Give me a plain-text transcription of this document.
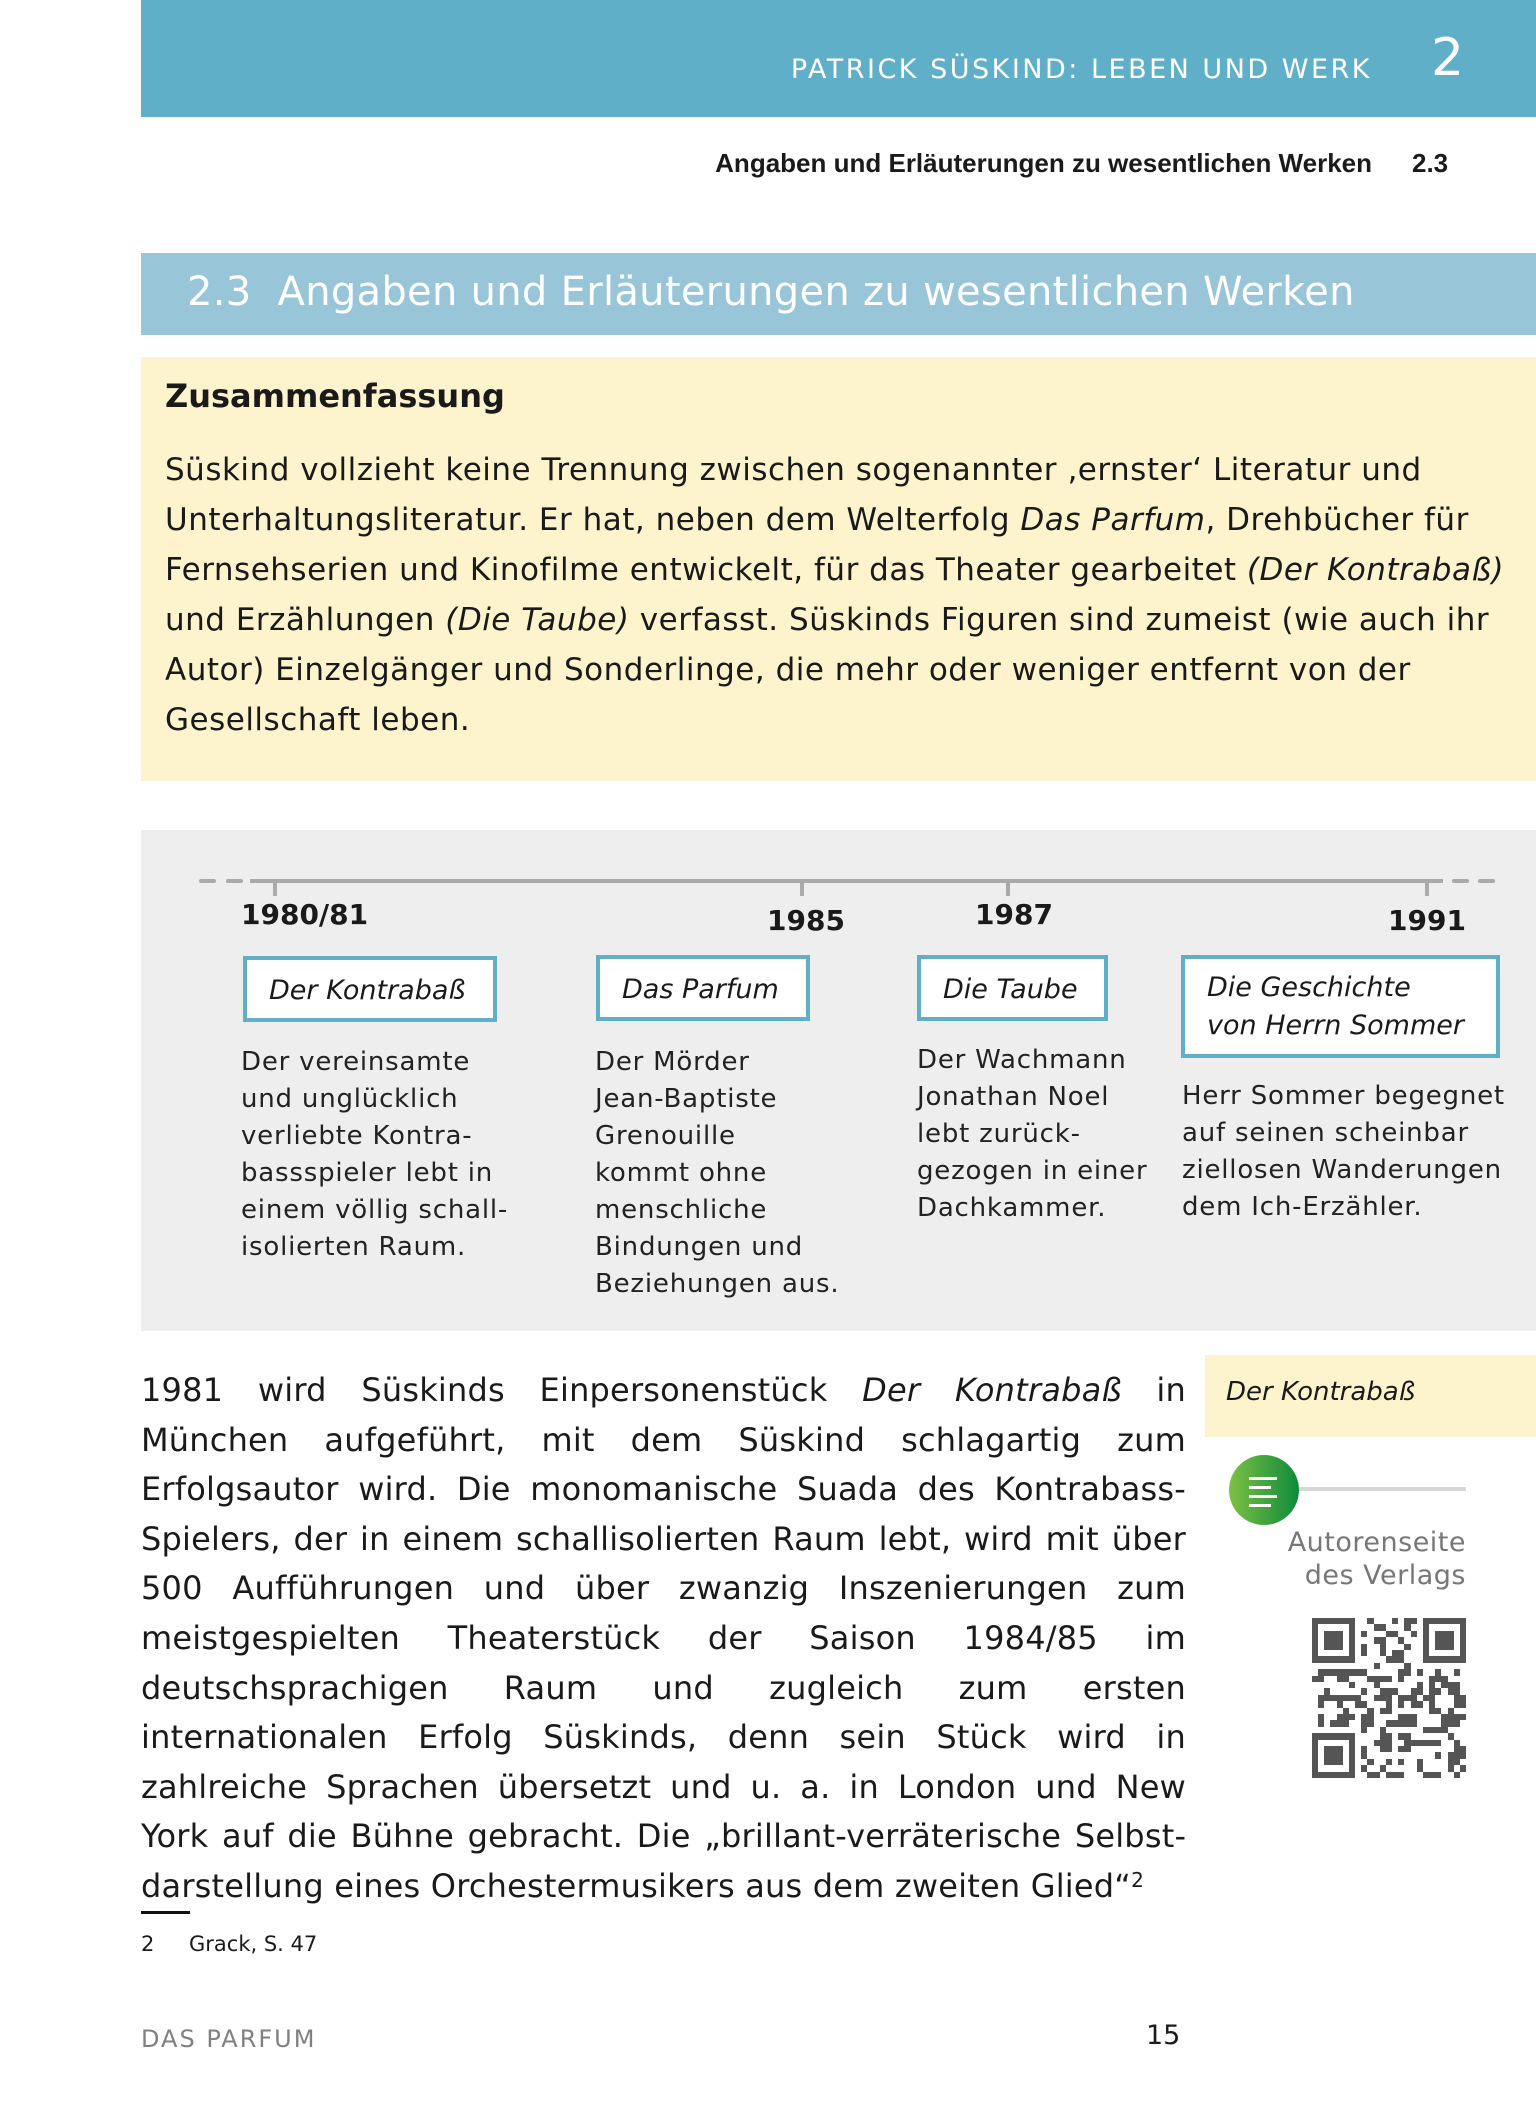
PATRICK SÜSKIND: LEBEN UND WERK 2
Angaben und Erläuterungen zu wesentlichen Werken 2.3
2.3 Angaben und Erläuterungen zu wesentlichen Werken
Zusammenfassung
Süskind vollzieht keine Trennung zwischen sogenannter ‚ernster‘ Literatur und Unterhaltungsliteratur. Er hat, neben dem Welterfolg Das Parfum, Drehbücher für Fernsehserien und Kinofilme entwickelt, für das Theater gearbeitet (Der Kontrabaß) und Erzählungen (Die Taube) verfasst. Süskinds Figuren sind zumeist (wie auch ihr Autor) Einzelgänger und Sonderlinge, die mehr oder weniger entfernt von der Gesellschaft leben.
1980/81
Der Kontrabaß
Der vereinsamte
und unglücklich
verliebte Kontra-
bassspieler lebt in
einem völlig schall-
isolierten Raum.
1985
Das Parfum
Der Mörder
Jean-Baptiste
Grenouille
kommt ohne
menschliche
Bindungen und
Beziehungen aus.
1987
Die Taube
Der Wachmann
Jonathan Noel
lebt zurück-
gezogen in einer
Dachkammer.
1991
Die Geschichte
von Herrn Sommer
Herr Sommer begegnet
auf seinen scheinbar
ziellosen Wanderungen
dem Ich-Erzähler.
1981 wird Süskinds Einpersonenstück Der Kontrabaß in München aufgeführt, mit dem Süskind schlagartig zum Erfolgsautor wird. Die monomanische Suada des Kontrabass-Spielers, der in einem schallisolierten Raum lebt, wird mit über 500 Aufführungen und über zwanzig Inszenierungen zum meistgespielten Theaterstück der Saison 1984/85 im deutschsprachigen Raum und zugleich zum ersten internationalen Erfolg Süskinds, denn sein Stück wird in zahlreiche Sprachen übersetzt und u. a. in London und New York auf die Bühne gebracht. Die „brillant-verräterische Selbstdarstellung eines Orchestermusikers aus dem zweiten Glied“$^2$
Der Kontrabaß
Autorenseite
des Verlags
2 Grack, S. 47
DAS PARFUM	15
